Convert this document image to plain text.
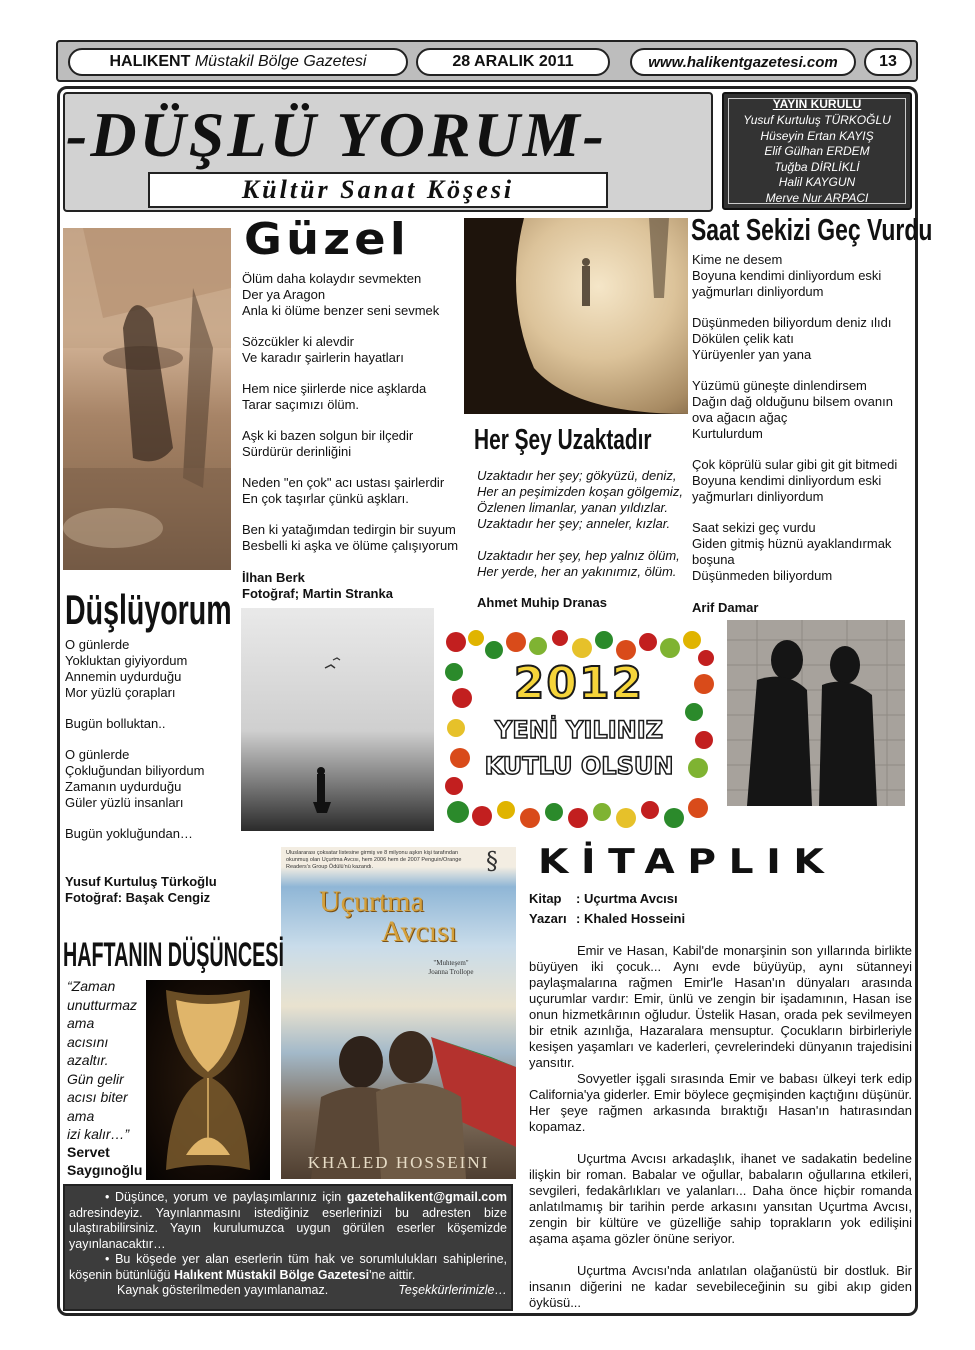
HALIKENT
Müstakil Bölge Gazetesi	28 ARALIK 2011	www.halikentgazetesi.com	13
-DÜŞLÜ YORUM-
Kültür Sanat Köşesi
YAYIN KURULU
Yusuf Kurtuluş TÜRKOĞLU
Hüseyin Ertan KAYIŞ
Elif Gülhan ERDEM
Tuğba DİRLİKLİ
Halil KAYGUN
Merve Nur ARPACI
Güzel

Ölüm daha kolaydır sevmekten
Der ya Aragon
Anla ki ölüme benzer seni sevmek

Sözcükler ki alevdir
Ve karadır şairlerin hayatları

Hem nice şiirlerde nice aşklarda
Tarar saçımızı ölüm.

Aşk ki bazen solgun bir ilçedir
Sürdürür derinliğini

Neden "en çok" acı ustası şairlerdir
En çok taşırlar çünkü aşkları.

Ben ki yatağımdan tedirgin bir suyum
Besbelli ki aşka ve ölüme çalışıyorum

İlhan Berk
Fotoğraf; Martin Stranka
Her Şey Uzaktadır

Uzaktadır her şey; gökyüzü, deniz,
Her an peşimizden koşan gölgemiz,
Özlenen limanlar, yanan yıldızlar.
Uzaktadır her şey; anneler, kızlar.

Uzaktadır her şey, hep yalnız ölüm,
Her yerde, her an yakınımız, ölüm.

Ahmet Muhip Dranas
Saat Sekizi Geç Vurdu

Kime ne desem
Boyuna kendimi dinliyordum eski
yağmurları dinliyordum

Düşünmeden biliyordum deniz ılıdı
Dökülen çelik katı
Yürüyenler yan yana

Yüzümü güneşte dinlendirsem
Dağın dağ olduğunu bilsem ovanın
ova ağacın ağaç
Kurtulurdum

Çok köprülü sular gibi git git bitmedi
Boyuna kendimi dinliyordum eski
yağmurları dinliyordum

Saat sekizi geç vurdu
Giden gitmiş hüznü ayaklandırmak
boşuna
Düşünmeden biliyordum

Arif Damar
Düşlüyorum

O günlerde
Yokluktan giyiyordum
Annemin uydurduğu
Mor yüzlü çorapları

Bugün bolluktan..

O günlerde
Çokluğundan biliyordum
Zamanın uydurduğu
Güler yüzlü insanları

Bugün yokluğundan…

Yusuf Kurtuluş Türkoğlu
Fotoğraf: Başak Cengiz
2012
YENİ YILINIZ
KUTLU OLSUN
Uluslararası çoksatar listesine girmiş ve 8 milyonu aşkın kişi tarafından okunmuş olan Uçurtma Avcısı, hem 2006 hem de 2007 Penguin/Orange Readers's Group Ödülü'nü kazandı.	§
Uçurtma
Avcısı
"Muhteşem"
Joanna Trollope
KHALED HOSSEINI
HAFTANIN DÜŞÜNCESİ
“Zaman
unutturmaz
ama
acısını
azaltır.
Gün gelir
acısı biter
ama
izi kalır…”
Servet
Saygınoğlu
KİTAPLIK
Kitap : Uçurtma Avcısı
Yazarı : Khaled Hosseini

Emir ve Hasan, Kabil'de monarşinin son yıllarında birlikte büyüyen iki çocuk... Aynı evde büyüyüp, aynı sütanneyi paylaşmalarına rağmen Emir'le Hasan'ın dünyaları arasında uçurumlar vardır: Emir, ünlü ve zengin bir işadamının, Hasan ise onun hizmetkârının oğludur. Üstelik Hasan, orada pek sevilmeyen bir etnik azınlığa, Hazaralara mensuptur. Çocukların birbirleriyle kesişen yaşamları ve kaderleri, çevrelerindeki dünyanın trajedisini yansıtır.

Sovyetler işgali sırasında Emir ve babası ülkeyi terk edip California'ya giderler. Emir böylece geçmişinden kaçtığını düşünür. Her şeye rağmen arkasında bıraktığı Hasan'ın hatırasından kopamaz.

Uçurtma Avcısı arkadaşlık, ihanet ve sadakatin bedeline ilişkin bir roman. Babalar ve oğullar, babaların oğullarına etkileri, sevgileri, fedakârlıkları ve yalanları... Daha önce hiçbir romanda anlatılmamış bir tarihin perde arkasını yansıtan Uçurtma Avcısı, zengin bir kültüre ve güzelliğe sahip toprakların yok edilişini aşama aşama gözler önüne seriyor.

Uçurtma Avcısı'nda anlatılan olağanüstü bir dostluk. Bir insanın diğerini ne kadar sevebileceğinin su gibi akıp giden öyküsü...

• Düşünce, yorum ve paylaşımlarınız için gazetehalikent@gmail.com adresindeyiz. Yayınlanmasını istediğiniz eserlerinizi bu adresten bize ulaştırabilirsiniz. Yayın kurulumuzca uygun görülen eserler köşemizde yayınlanacaktır…
• Bu köşede yer alan eserlerin tüm hak ve sorumlulukları sahiplerine, köşenin bütünlüğü Halıkent Müstakil Bölge Gazetesi'ne aittir.
Kaynak gösterilmeden yayımlanamaz.	Teşekkürlerimizle…
